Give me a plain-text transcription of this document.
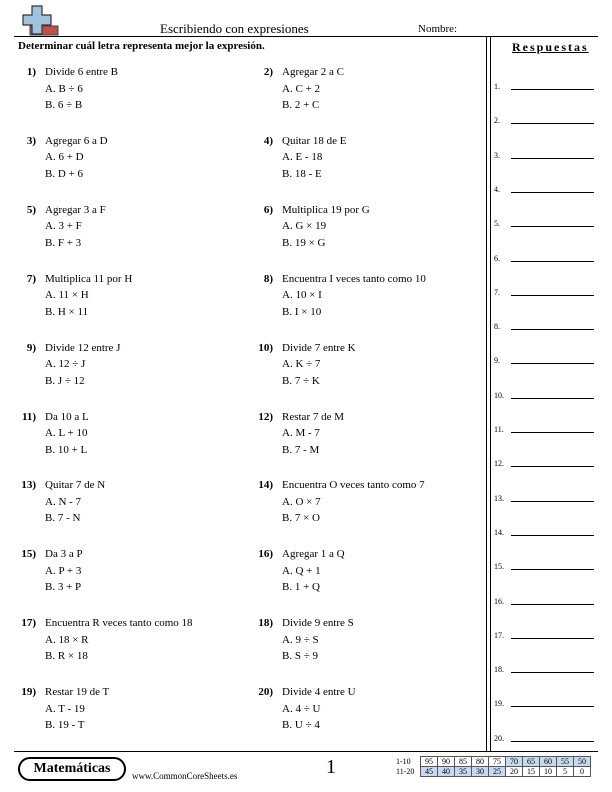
Escribiendo con expresiones	Nombre:
Determinar cuál letra representa mejor la expresión.	Respuestas
1) Divide 6 entre B
A. B ÷ 6
B. 6 ÷ B
2) Agregar 2 a C
A. C + 2
B. 2 + C
3) Agregar 6 a D
A. 6 + D
B. D + 6
4) Quitar 18 de E
A. E - 18
B. 18 - E
5) Agregar 3 a F
A. 3 + F
B. F + 3
6) Multiplica 19 por G
A. G × 19
B. 19 × G
7) Multiplica 11 por H
A. 11 × H
B. H × 11
8) Encuentra I veces tanto como 10
A. 10 × I
B. I × 10
9) Divide 12 entre J
A. 12 ÷ J
B. J ÷ 12
10) Divide 7 entre K
A. K ÷ 7
B. 7 ÷ K
11) Da 10 a L
A. L + 10
B. 10 + L
12) Restar 7 de M
A. M - 7
B. 7 - M
13) Quitar 7 de N
A. N - 7
B. 7 - N
14) Encuentra O veces tanto como 7
A. O × 7
B. 7 × O
15) Da 3 a P
A. P + 3
B. 3 + P
16) Agregar 1 a Q
A. Q + 1
B. 1 + Q
17) Encuentra R veces tanto como 18
A. 18 × R
B. R × 18
18) Divide 9 entre S
A. 9 ÷ S
B. S ÷ 9
19) Restar 19 de T
A. T - 19
B. 19 - T
20) Divide 4 entre U
A. 4 ÷ U
B. U ÷ 4
1.
2.
3.
4.
5.
6.
7.
8.
9.
10.
11.
12.
13.
14.
15.
16.
17.
18.
19.
20.
Matemáticas	www.CommonCoreSheets.es	1	1-10	95	90	85	80	75	70	65	60	55	50
11-20	45	40	35	30	25	20	15	10	5	0
